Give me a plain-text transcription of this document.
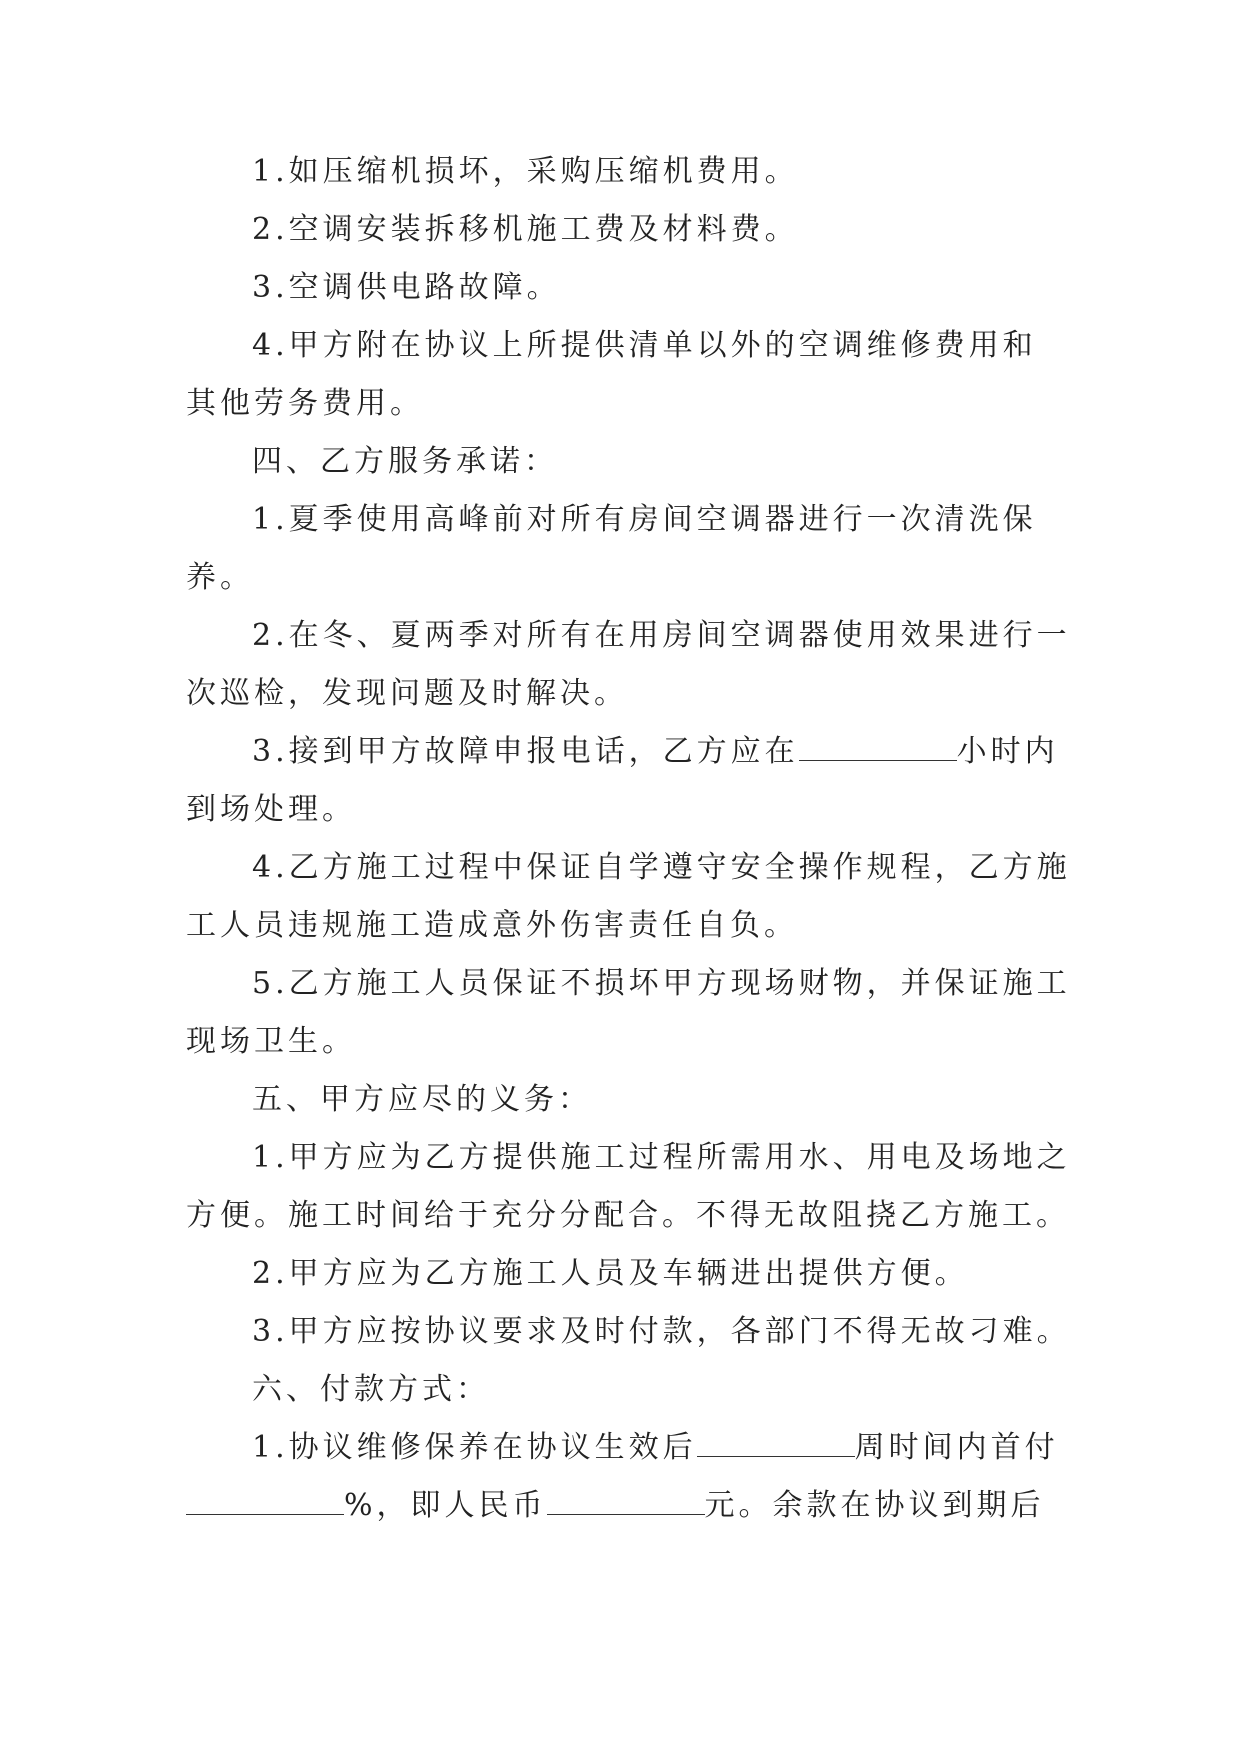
1.如压缩机损坏，采购压缩机费用。
2.空调安装拆移机施工费及材料费。
3.空调供电路故障。
4.甲方附在协议上所提供清单以外的空调维修费用和
其他劳务费用。
四、乙方服务承诺：
1.夏季使用高峰前对所有房间空调器进行一次清洗保
养。
2.在冬、夏两季对所有在用房间空调器使用效果进行一
次巡检，发现问题及时解决。
3.接到甲方故障申报电话，乙方应在	小时内
到场处理。
4.乙方施工过程中保证自学遵守安全操作规程，乙方施
工人员违规施工造成意外伤害责任自负。
5.乙方施工人员保证不损坏甲方现场财物，并保证施工
现场卫生。
五、甲方应尽的义务：
1.甲方应为乙方提供施工过程所需用水、用电及场地之
方便。施工时间给于充分分配合。不得无故阻挠乙方施工。
2.甲方应为乙方施工人员及车辆进出提供方便。
3.甲方应按协议要求及时付款，各部门不得无故刁难。
六、付款方式：
1.协议维修保养在协议生效后	周时间内首付
%，即人民币	元。余款在协议到期后
